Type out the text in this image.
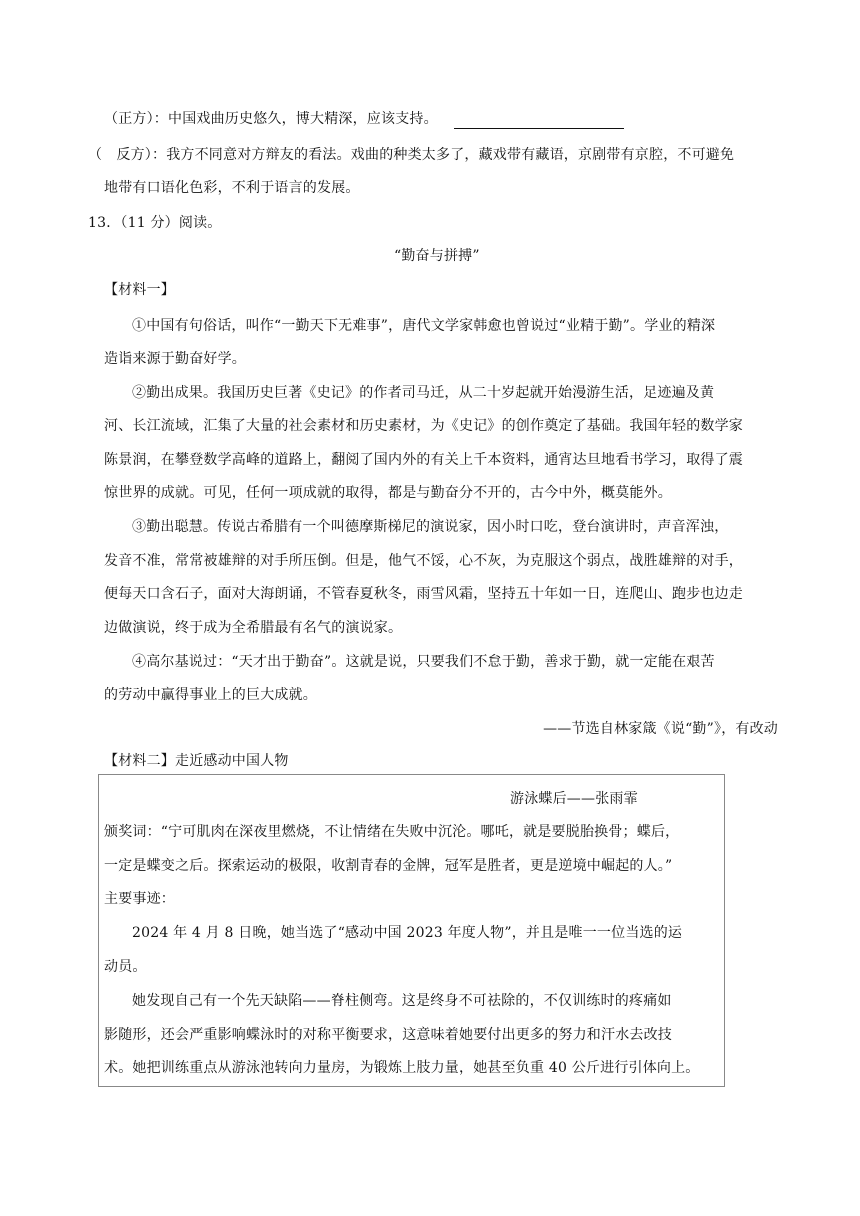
（正方）：中国戏曲历史悠久，博大精深，应该支持。
（　反方）：我方不同意对方辩友的看法。戏曲的种类太多了，藏戏带有藏语，京剧带有京腔，不可避免
地带有口语化色彩，不利于语言的发展。
13．（11 分）阅读。
“勤奋与拼搏”
【材料一】
①中国有句俗话，叫作“一勤天下无难事”，唐代文学家韩愈也曾说过“业精于勤”。学业的精深
造诣来源于勤奋好学。
②勤出成果。我国历史巨著《史记》的作者司马迁，从二十岁起就开始漫游生活，足迹遍及黄
河、长江流域，汇集了大量的社会素材和历史素材，为《史记》的创作奠定了基础。我国年轻的数学家
陈景润，在攀登数学高峰的道路上，翻阅了国内外的有关上千本资料，通宵达旦地看书学习，取得了震
惊世界的成就。可见，任何一项成就的取得，都是与勤奋分不开的，古今中外，概莫能外。
③勤出聪慧。传说古希腊有一个叫德摩斯梯尼的演说家，因小时口吃，登台演讲时，声音浑浊，
发音不准，常常被雄辩的对手所压倒。但是，他气不馁，心不灰，为克服这个弱点，战胜雄辩的对手，
便每天口含石子，面对大海朗诵，不管春夏秋冬，雨雪风霜，坚持五十年如一日，连爬山、跑步也边走
边做演说，终于成为全希腊最有名气的演说家。
④高尔基说过：“天才出于勤奋”。这就是说，只要我们不怠于勤，善求于勤，就一定能在艰苦
的劳动中赢得事业上的巨大成就。
——节选自林家箴《说“勤”》，有改动
【材料二】走近感动中国人物
游泳蝶后——张雨霏
颁奖词：“宁可肌肉在深夜里燃烧，不让情绪在失败中沉沦。哪吒，就是要脱胎换骨；蝶后，
一定是蝶变之后。探索运动的极限，收割青春的金牌，冠军是胜者，更是逆境中崛起的人。”
主要事迹：
2024 年 4 月 8 日晚，她当选了“感动中国 2023 年度人物”，并且是唯一一位当选的运
动员。
她发现自己有一个先天缺陷——脊柱侧弯。这是终身不可祛除的，不仅训练时的疼痛如
影随形，还会严重影响蝶泳时的对称平衡要求，这意味着她要付出更多的努力和汗水去改技
术。她把训练重点从游泳池转向力量房，为锻炼上肢力量，她甚至负重 40 公斤进行引体向上。
